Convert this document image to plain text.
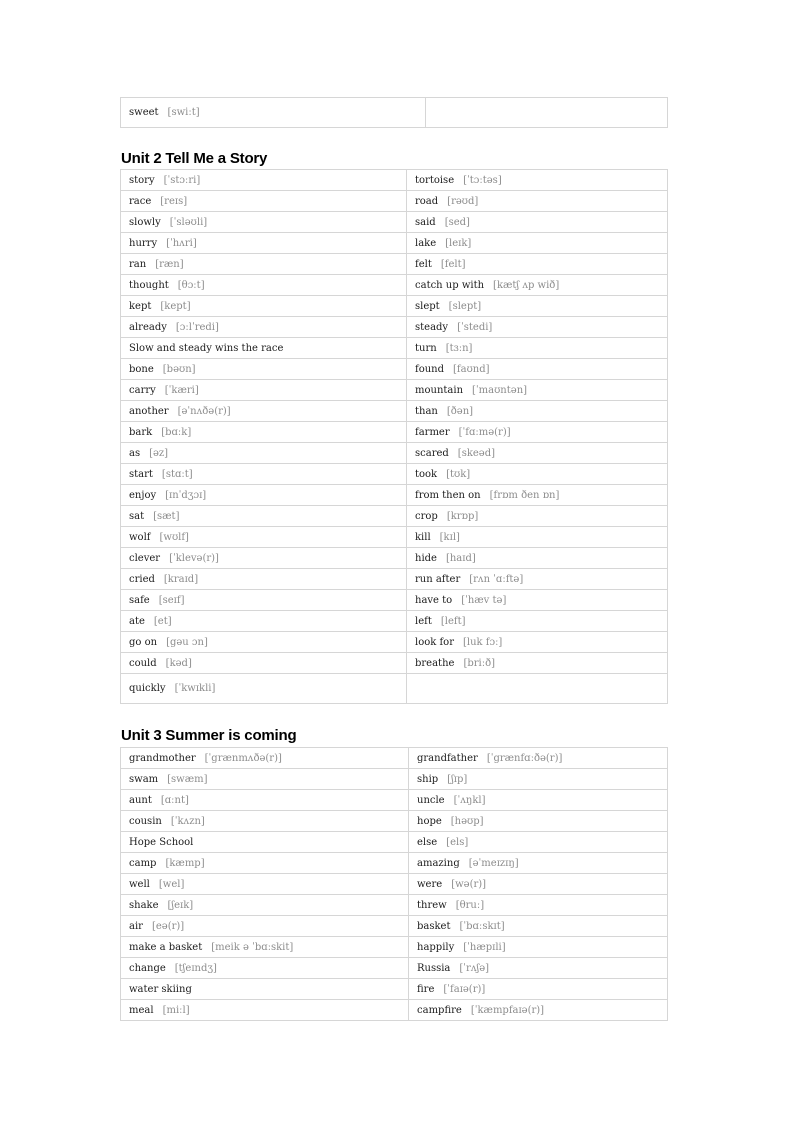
sweet [swiːt]	
Unit 2 Tell Me a Story
story [ˈstɔːri]	tortoise [ˈtɔːtəs]
race [reɪs]	road [rəʊd]
slowly [ˈsləʊli]	said [sed]
hurry [ˈhʌri]	lake [leɪk]
ran [ræn]	felt [felt]
thought [θɔːt]	catch up with [kætʃ ʌp wið]
kept [kept]	slept [slept]
already [ɔːlˈredi]	steady [ˈstedi]
Slow and steady wins the race	turn [tɜːn]
bone [bəʊn]	found [faʊnd]
carry [ˈkæri]	mountain [ˈmaʊntən]
another [əˈnʌðə(r)]	than [ðən]
bark [bɑːk]	farmer [ˈfɑːmə(r)]
as [əz]	scared [skeəd]
start [stɑːt]	took [tʊk]
enjoy [ɪnˈdʒɔɪ]	from then on [frɒm ðen ɒn]
sat [sæt]	crop [krɒp]
wolf [wʊlf]	kill [kɪl]
clever [ˈklevə(r)]	hide [haɪd]
cried [kraɪd]	run after [rʌn ˈɑːftə]
safe [seɪf]	have to [ˈhæv tə]
ate [et]	left [left]
go on [gəu ɔn]	look for [luk fɔː]
could [kəd]	breathe [briːð]
quickly [ˈkwɪkli]	
Unit 3 Summer is coming
grandmother [ˈgrænmʌðə(r)]	grandfather [ˈgrænfɑːðə(r)]
swam [swæm]	ship [ʃɪp]
aunt [ɑːnt]	uncle [ˈʌŋkl]
cousin [ˈkʌzn]	hope [həʊp]
Hope School	else [els]
camp [kæmp]	amazing [əˈmeɪzɪŋ]
well [wel]	were [wə(r)]
shake [ʃeɪk]	threw [θruː]
air [eə(r)]	basket [ˈbɑːskɪt]
make a basket [meik ə ˈbɑːskit]	happily [ˈhæpɪli]
change [tʃeɪndʒ]	Russia [ˈrʌʃə]
water skiing	fire [ˈfaɪə(r)]
meal [miːl]	campfire [ˈkæmpfaɪə(r)]
